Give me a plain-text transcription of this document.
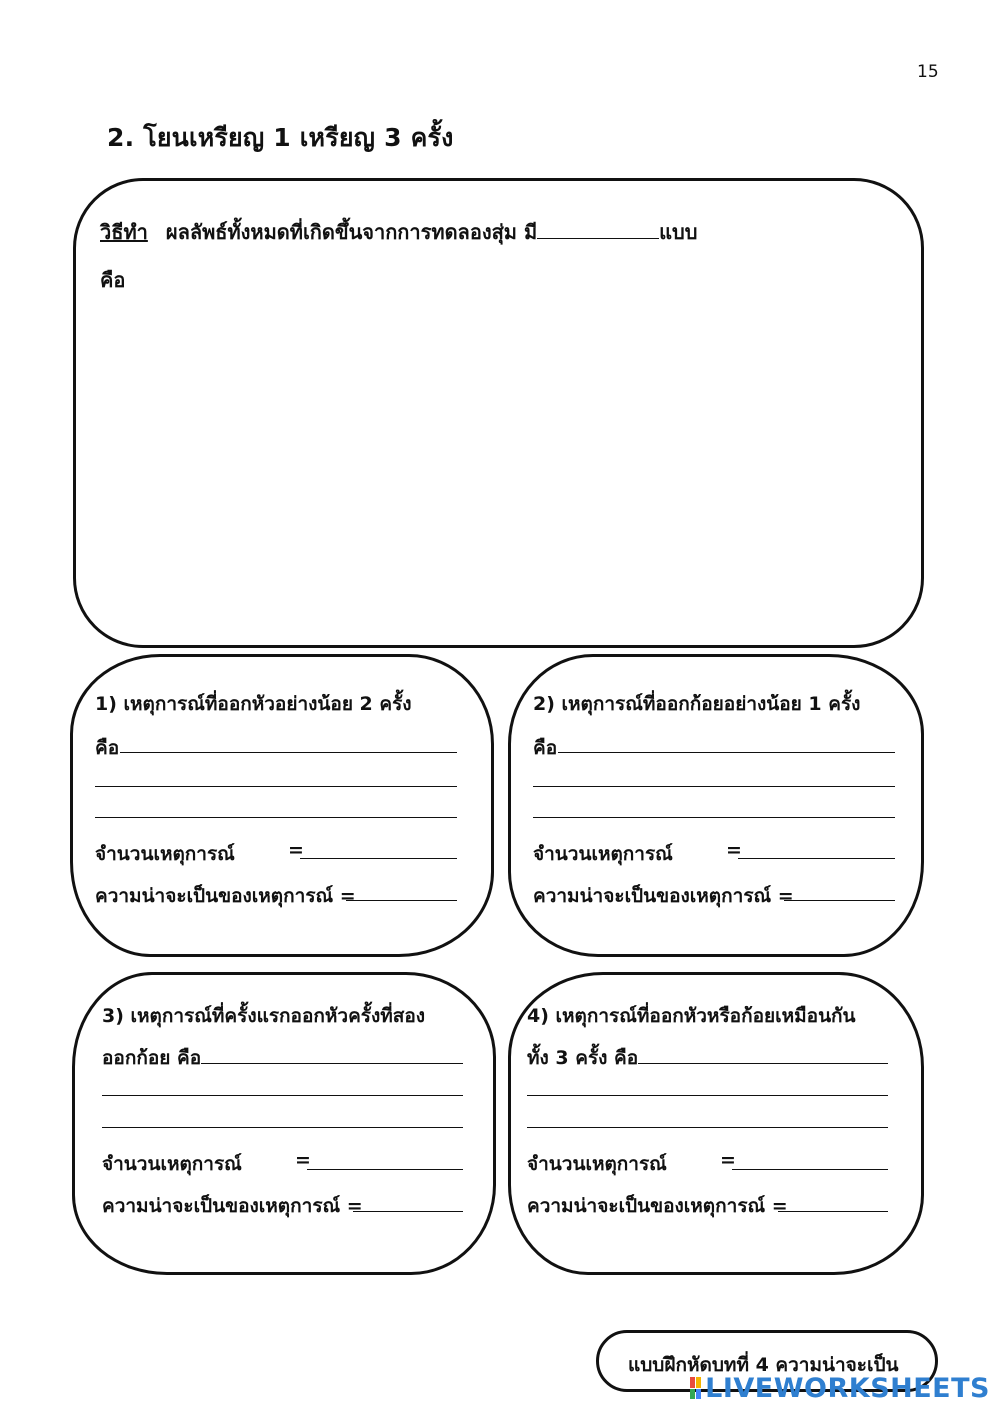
15
2. โยนเหรียญ 1 เหรียญ 3 ครั้ง
วิธีทำ ผลลัพธ์ทั้งหมดที่เกิดขึ้นจากการทดลองสุ่ม มี	แบบ
คือ
1) เหตุการณ์ที่ออกหัวอย่างน้อย 2 ครั้ง
คือ
จำนวนเหตุการณ์	=
ความน่าจะเป็นของเหตุการณ์ =
2) เหตุการณ์ที่ออกก้อยอย่างน้อย 1 ครั้ง
คือ
จำนวนเหตุการณ์	=
ความน่าจะเป็นของเหตุการณ์ =
3) เหตุการณ์ที่ครั้งแรกออกหัวครั้งที่สอง
ออกก้อย คือ
จำนวนเหตุการณ์	=
ความน่าจะเป็นของเหตุการณ์ =
4) เหตุการณ์ที่ออกหัวหรือก้อยเหมือนกัน
ทั้ง 3 ครั้ง คือ
จำนวนเหตุการณ์	=
ความน่าจะเป็นของเหตุการณ์ =
แบบฝึกหัดบทที่ 4 ความน่าจะเป็น
LIVEWORKSHEETS
